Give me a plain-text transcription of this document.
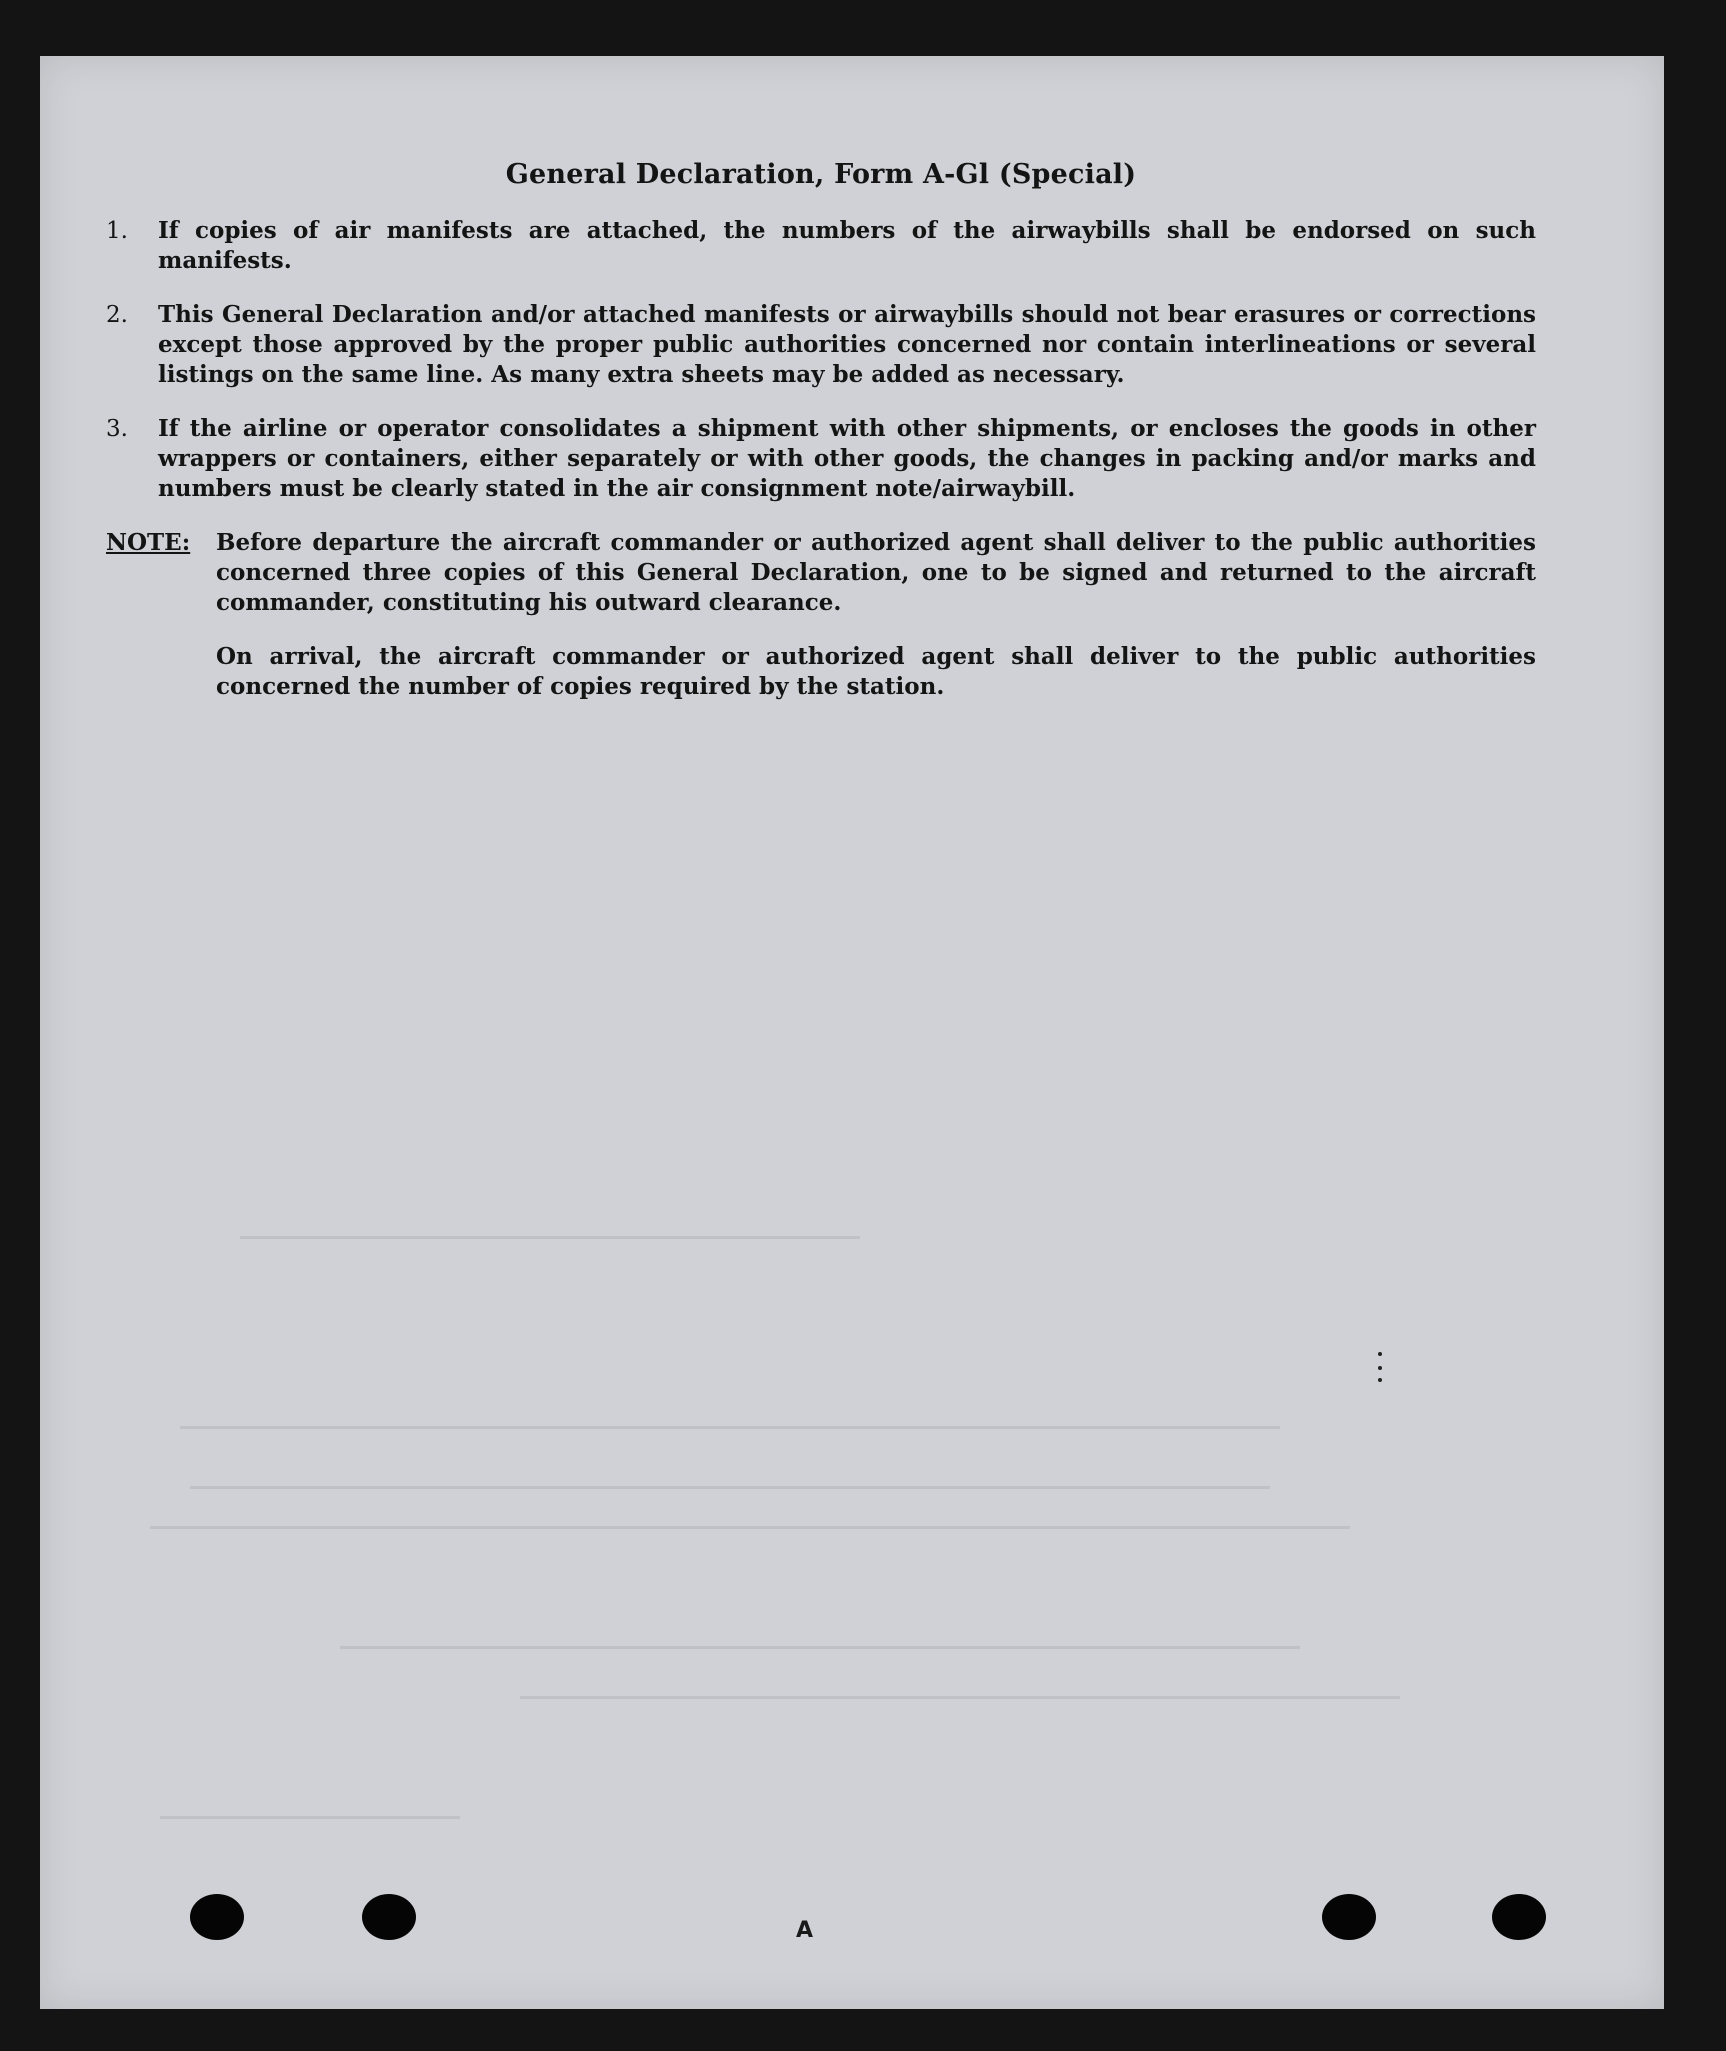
A
General Declaration, Form A-Gl (Special)
1.	If copies of air manifests are attached, the numbers of the airwaybills shall be endorsed on such manifests.
2.	This General Declaration and/or attached manifests or airwaybills should not bear erasures or corrections except those approved by the proper public authorities concerned nor contain interlineations or several listings on the same line. As many extra sheets may be added as necessary.
3.	If the airline or operator consolidates a shipment with other shipments, or encloses the goods in other wrappers or containers, either separately or with other goods, the changes in packing and/or marks and numbers must be clearly stated in the air consignment note/airwaybill.
NOTE:	Before departure the aircraft commander or authorized agent shall deliver to the public authorities concerned three copies of this General Declaration, one to be signed and returned to the aircraft commander, constituting his outward clearance.
On arrival, the aircraft commander or authorized agent shall deliver to the public authorities concerned the number of copies required by the station.
